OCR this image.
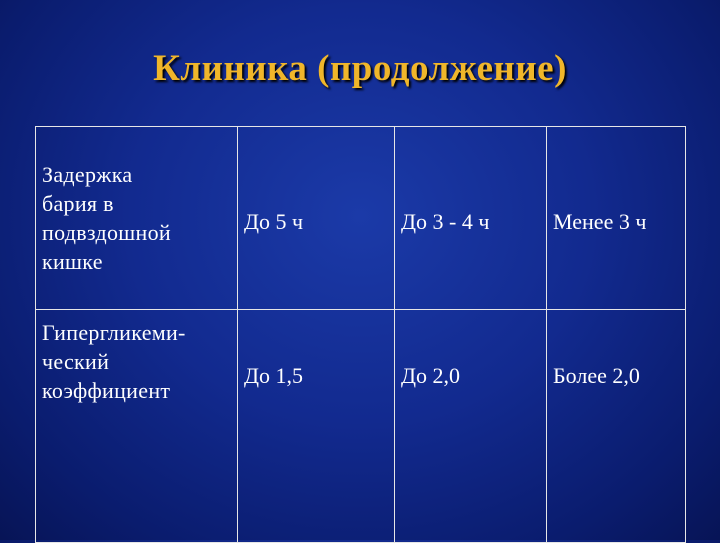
Клиника (продолжение)
Задержка
бария в
подвздошной
кишке	До 5 ч	До 3 - 4 ч	Менее 3 ч

Гипергликеми-
ческий
коэффициент	До 1,5	До 2,0	Более 2,0
